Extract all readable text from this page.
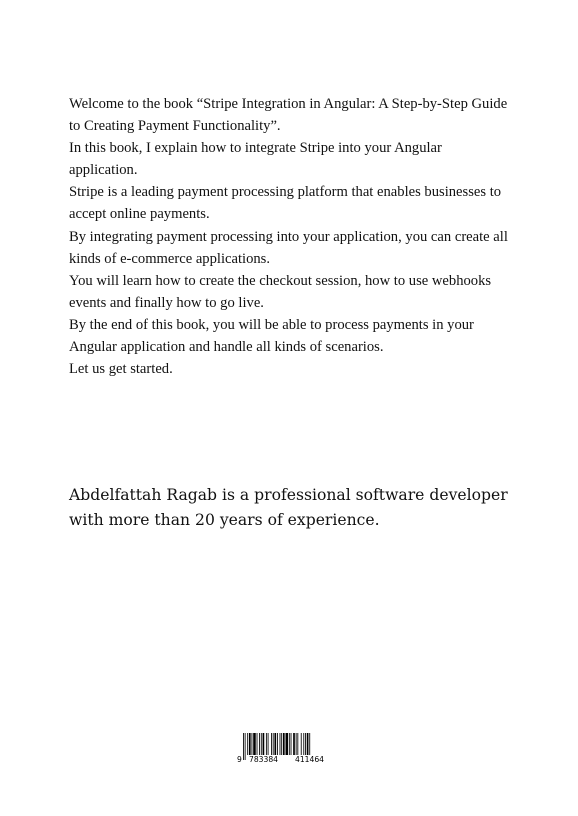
Welcome to the book “Stripe Integration in Angular: A Step-by-Step Guide to Creating Payment Functionality”.

In this book, I explain how to integrate Stripe into your Angular application.

Stripe is a leading payment processing platform that enables businesses to accept online payments.

By integrating payment processing into your application, you can create all kinds of e-commerce applications.

You will learn how to create the checkout session, how to use webhooks events and finally how to go live.

By the end of this book, you will be able to process payments in your Angular application and handle all kinds of scenarios.

Let us get started.

Abdelfattah Ragab is a professional software developer with more than 20 years of experience.
9 783384 411464
